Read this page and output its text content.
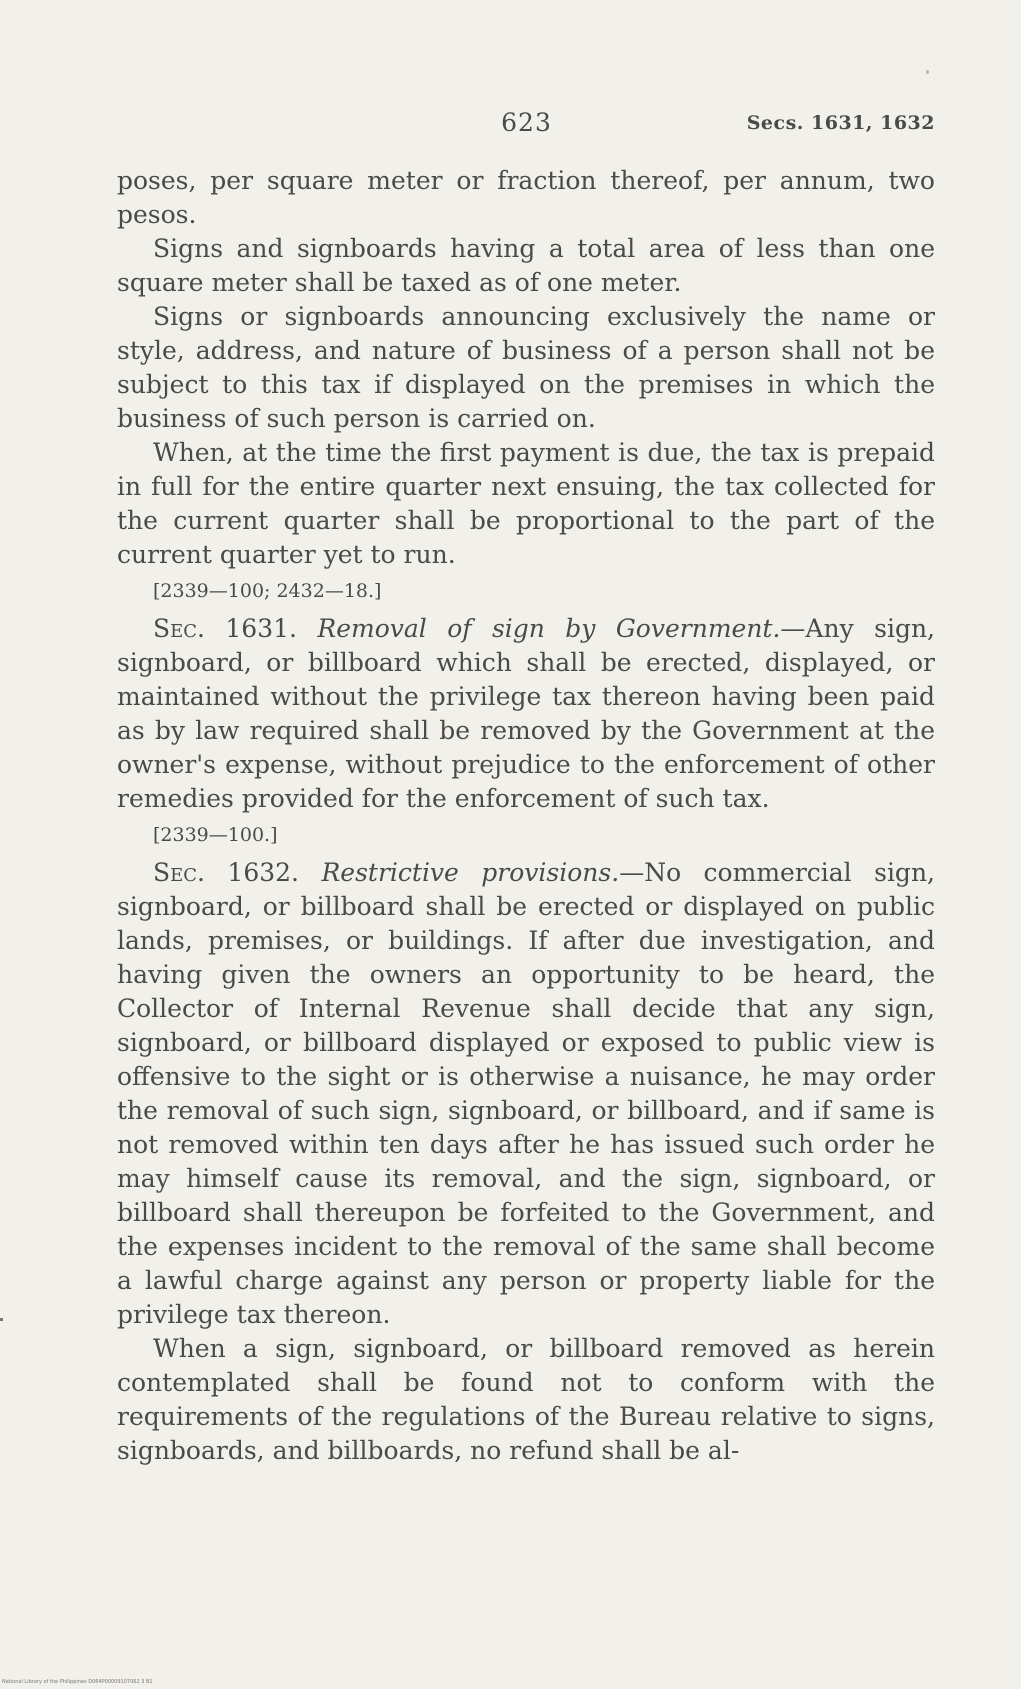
623	Secs. 1631, 1632

poses, per square meter or fraction thereof, per annum, two pesos.

Signs and signboards having a total area of less than one square meter shall be taxed as of one meter.

Signs or signboards announcing exclusively the name or style, address, and nature of business of a person shall not be subject to this tax if displayed on the premises in which the business of such person is carried on.

When, at the time the first payment is due, the tax is prepaid in full for the entire quarter next ensuing, the tax collected for the current quarter shall be proportional to the part of the current quarter yet to run.

[2339—100; 2432—18.]

Sec. 1631. Removal of sign by Government.—Any sign, signboard, or billboard which shall be erected, displayed, or maintained without the privilege tax thereon having been paid as by law required shall be removed by the Government at the owner's expense, without prejudice to the enforcement of other remedies provided for the enforcement of such tax.

[2339—100.]

Sec. 1632. Restrictive provisions.—No commercial sign, signboard, or billboard shall be erected or displayed on public lands, premises, or buildings. If after due investigation, and having given the owners an opportunity to be heard, the Collector of Internal Revenue shall decide that any sign, signboard, or billboard displayed or exposed to public view is offensive to the sight or is otherwise a nuisance, he may order the removal of such sign, signboard, or billboard, and if same is not removed within ten days after he has issued such order he may himself cause its removal, and the sign, signboard, or billboard shall thereupon be forfeited to the Government, and the expenses incident to the removal of the same shall become a lawful charge against any person or property liable for the privilege tax thereon.

When a sign, signboard, or billboard removed as herein contemplated shall be found not to conform with the requirements of the regulations of the Bureau relative to signs, signboards, and billboards, no refund shall be al-

National Library of the Philippines D064P00009107062 3 B1
